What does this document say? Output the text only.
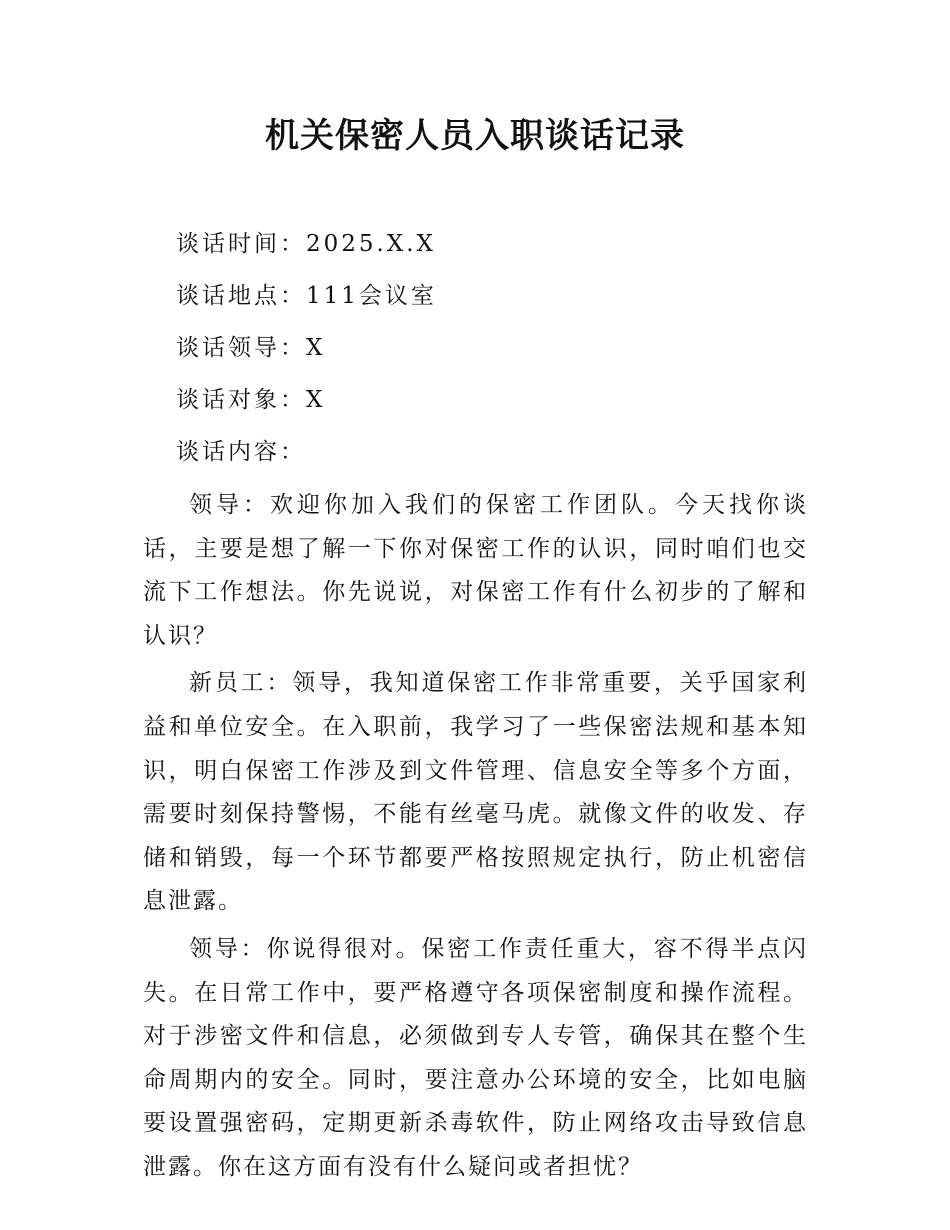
机关保密人员入职谈话记录
谈话时间：2025.X.X
谈话地点：111会议室
谈话领导：X
谈话对象：X
谈话内容：

领导：欢迎你加入我们的保密工作团队。今天找你谈话，主要是想了解一下你对保密工作的认识，同时咱们也交流下工作想法。你先说说，对保密工作有什么初步的了解和认识？

新员工：领导，我知道保密工作非常重要，关乎国家利益和单位安全。在入职前，我学习了一些保密法规和基本知识，明白保密工作涉及到文件管理、信息安全等多个方面，需要时刻保持警惕，不能有丝毫马虎。就像文件的收发、存储和销毁，每一个环节都要严格按照规定执行，防止机密信息泄露。

领导：你说得很对。保密工作责任重大，容不得半点闪失。在日常工作中，要严格遵守各项保密制度和操作流程。对于涉密文件和信息，必须做到专人专管，确保其在整个生命周期内的安全。同时，要注意办公环境的安全，比如电脑要设置强密码，定期更新杀毒软件，防止网络攻击导致信息泄露。你在这方面有没有什么疑问或者担忧？
